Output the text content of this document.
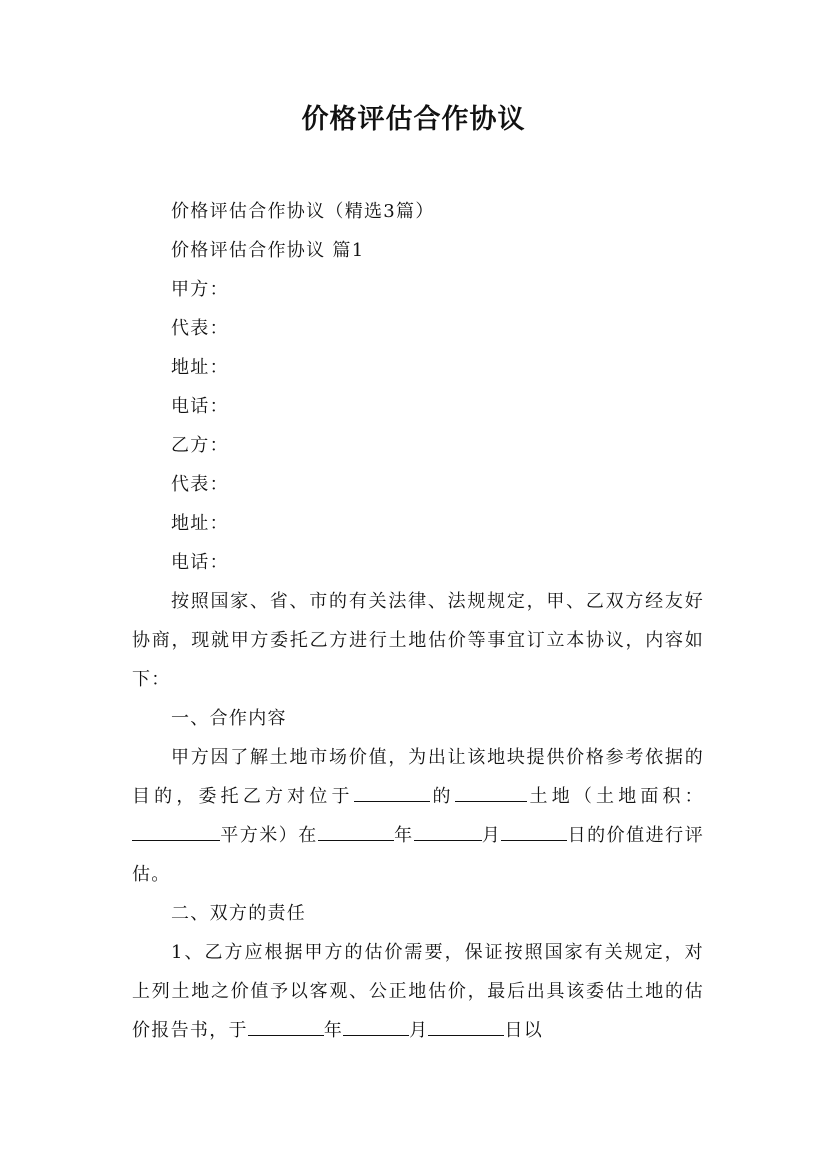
价格评估合作协议
价格评估合作协议（精选3篇）
价格评估合作协议 篇1
甲方：
代表：
地址：
电话：
乙方：
代表：
地址：
电话：
按照国家、省、市的有关法律、法规规定，甲、乙双方经友好协商，现就甲方委托乙方进行土地估价等事宜订立本协议，内容如下：
一、合作内容
甲方因了解土地市场价值，为出让该地块提供价格参考依据的目的，委托乙方对位于	的	土地（土地面积：平方米）在	年	月	日的价值进行评估。
二、双方的责任
1、乙方应根据甲方的估价需要，保证按照国家有关规定，对上列土地之价值予以客观、公正地估价，最后出具该委估土地的估价报告书，于	年	月	日以
